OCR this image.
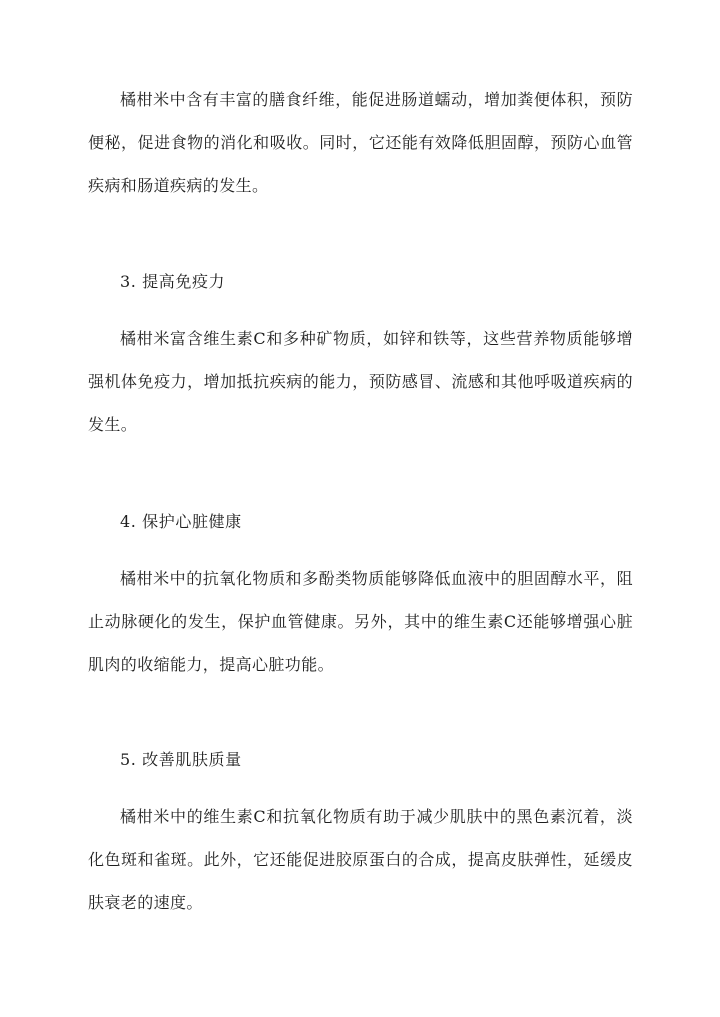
橘柑米中含有丰富的膳食纤维，能促进肠道蠕动，增加粪便体积，预防便秘，促进食物的消化和吸收。同时，它还能有效降低胆固醇，预防心血管疾病和肠道疾病的发生。

3. 提高免疫力

橘柑米富含维生素C和多种矿物质，如锌和铁等，这些营养物质能够增强机体免疫力，增加抵抗疾病的能力，预防感冒、流感和其他呼吸道疾病的发生。

4. 保护心脏健康

橘柑米中的抗氧化物质和多酚类物质能够降低血液中的胆固醇水平，阻止动脉硬化的发生，保护血管健康。另外，其中的维生素C还能够增强心脏肌肉的收缩能力，提高心脏功能。

5. 改善肌肤质量

橘柑米中的维生素C和抗氧化物质有助于减少肌肤中的黑色素沉着，淡化色斑和雀斑。此外，它还能促进胶原蛋白的合成，提高皮肤弹性，延缓皮肤衰老的速度。
